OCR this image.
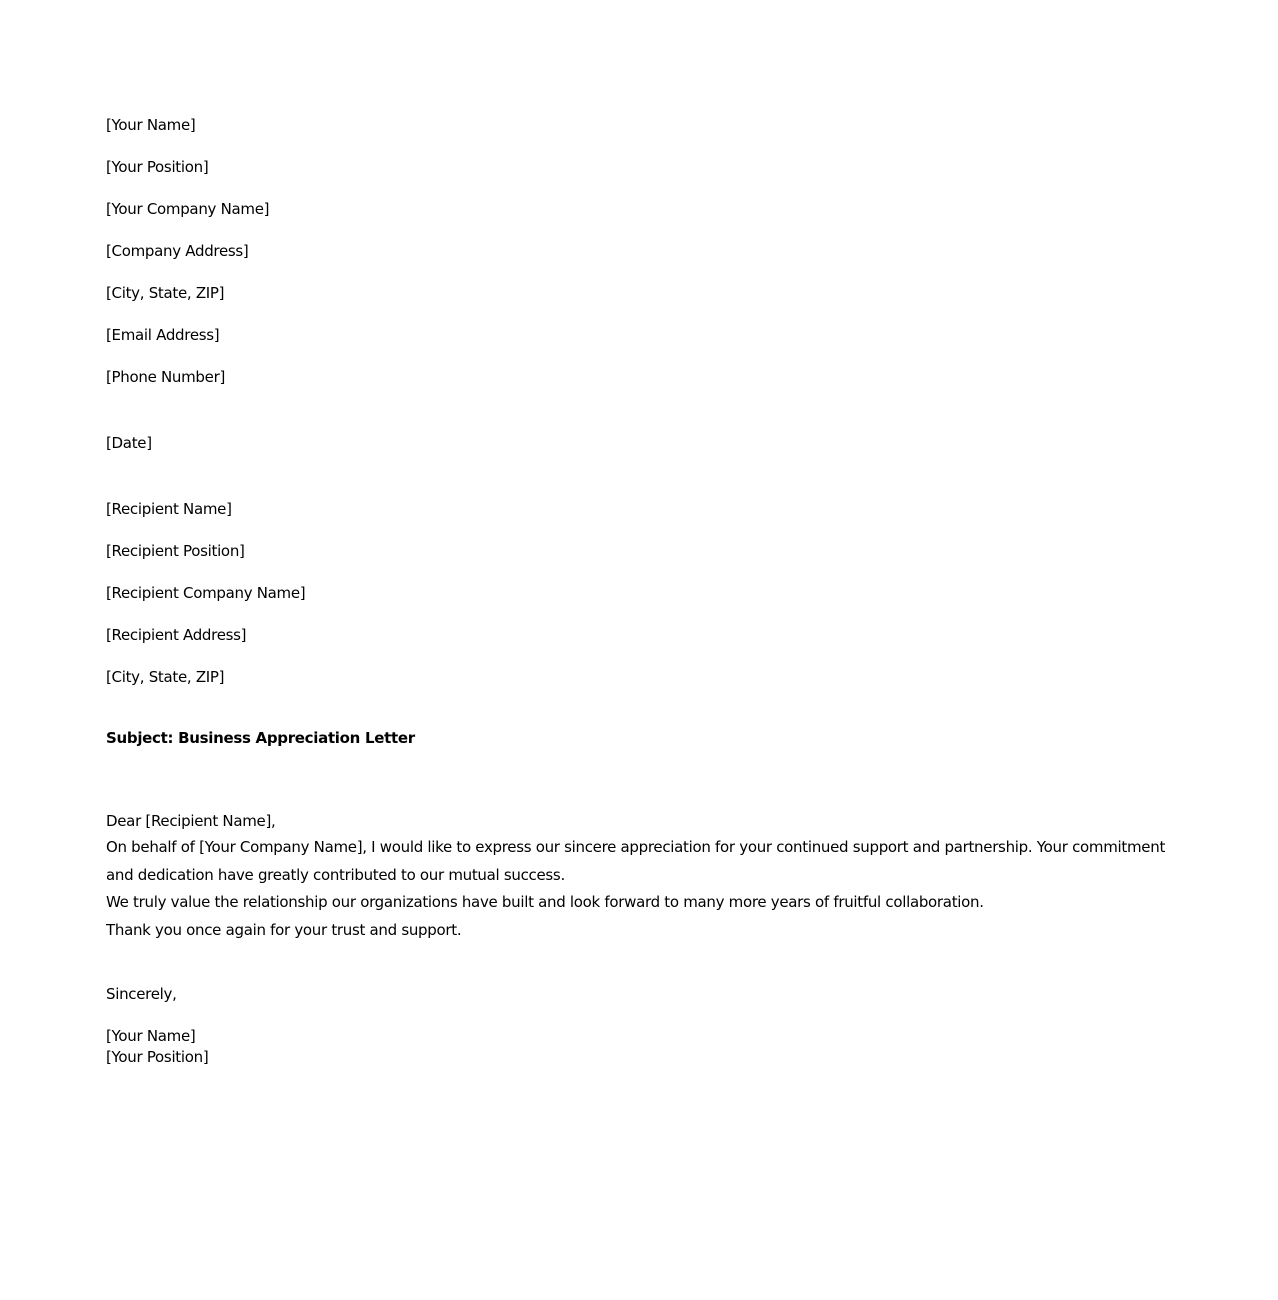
[Your Name]
[Your Position]
[Your Company Name]
[Company Address]
[City, State, ZIP]
[Email Address]
[Phone Number]
[Date]
[Recipient Name]
[Recipient Position]
[Recipient Company Name]
[Recipient Address]
[City, State, ZIP]
Subject: Business Appreciation Letter
Dear [Recipient Name],

On behalf of [Your Company Name], I would like to express our sincere appreciation for your continued support and partnership. Your commitment and dedication have greatly contributed to our mutual success.

We truly value the relationship our organizations have built and look forward to many more years of fruitful collaboration.

Thank you once again for your trust and support.

Sincerely,
[Your Name]
[Your Position]
